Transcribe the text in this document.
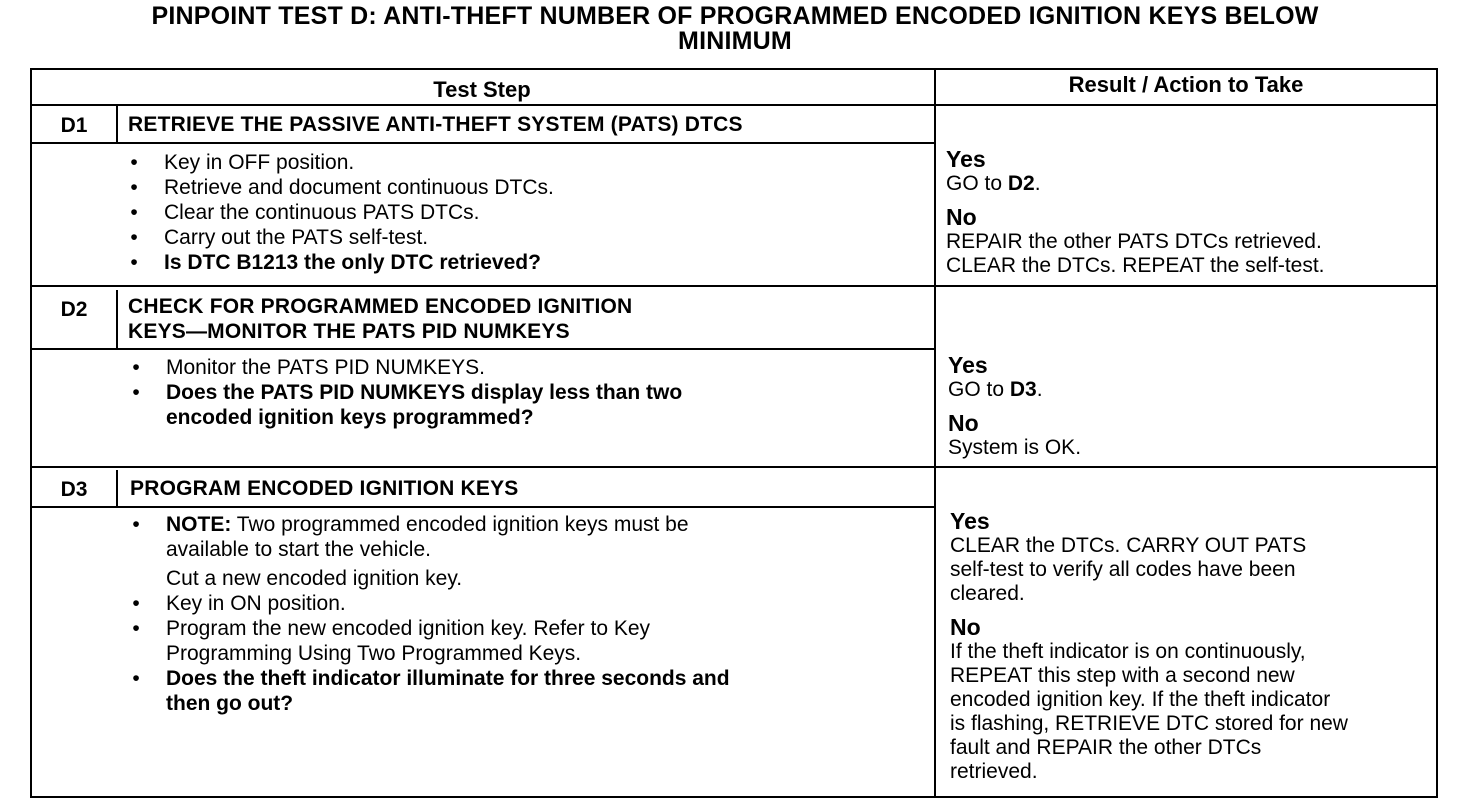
PINPOINT TEST D: ANTI-THEFT NUMBER OF PROGRAMMED ENCODED IGNITION KEYS BELOW
MINIMUM
Test Step	Result / Action to Take
D1	RETRIEVE THE PASSIVE ANTI-THEFT SYSTEM (PATS) DTCS
•	Key in OFF position.
•	Retrieve and document continuous DTCs.
•	Clear the continuous PATS DTCs.
•	Carry out the PATS self-test.
•	Is DTC B1213 the only DTC retrieved?
Yes
GO to D2.
No
REPAIR the other PATS DTCs retrieved.
CLEAR the DTCs. REPEAT the self-test.
D2	CHECK FOR PROGRAMMED ENCODED IGNITION
KEYS—MONITOR THE PATS PID NUMKEYS
•	Monitor the PATS PID NUMKEYS.
•	Does the PATS PID NUMKEYS display less than two
encoded ignition keys programmed?
Yes
GO to D3.
No
System is OK.
D3	PROGRAM ENCODED IGNITION KEYS
•	NOTE: Two programmed encoded ignition keys must be
available to start the vehicle.
Cut a new encoded ignition key.
•	Key in ON position.
•	Program the new encoded ignition key. Refer to Key
Programming Using Two Programmed Keys.
•	Does the theft indicator illuminate for three seconds and
then go out?
Yes
CLEAR the DTCs. CARRY OUT PATS
self-test to verify all codes have been
cleared.
No
If the theft indicator is on continuously,
REPEAT this step with a second new
encoded ignition key. If the theft indicator
is flashing, RETRIEVE DTC stored for new
fault and REPAIR the other DTCs
retrieved.
